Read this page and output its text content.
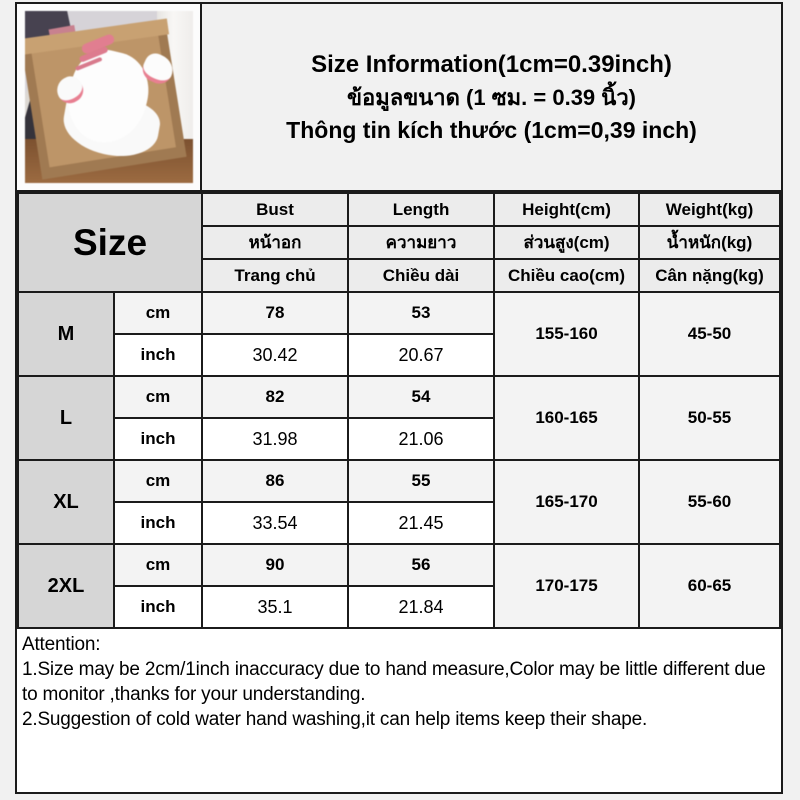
Size Information(1cm=0.39inch)
ข้อมูลขนาด (1 ซม. = 0.39 นิ้ว)
Thông tin kích thước (1cm=0,39 inch)
Size		Bust	Length	Height(cm)	Weight(kg)
		หน้าอก	ความยาว	ส่วนสูง(cm)	น้ำหนัก(kg)
		Trang chủ	Chiều dài	Chiều cao(cm)	Cân nặng(kg)
M	cm	78	53	155-160	45-50
	inch	30.42	20.67		
L	cm	82	54	160-165	50-55
	inch	31.98	21.06		
XL	cm	86	55	165-170	55-60
	inch	33.54	21.45		
2XL	cm	90	56	170-175	60-65
	inch	35.1	21.84		

Attention:

1.Size may be 2cm/1inch inaccuracy due to hand measure,Color may be little different due to monitor ,thanks for your understanding.

2.Suggestion of cold water hand washing,it can help items keep their shape.
